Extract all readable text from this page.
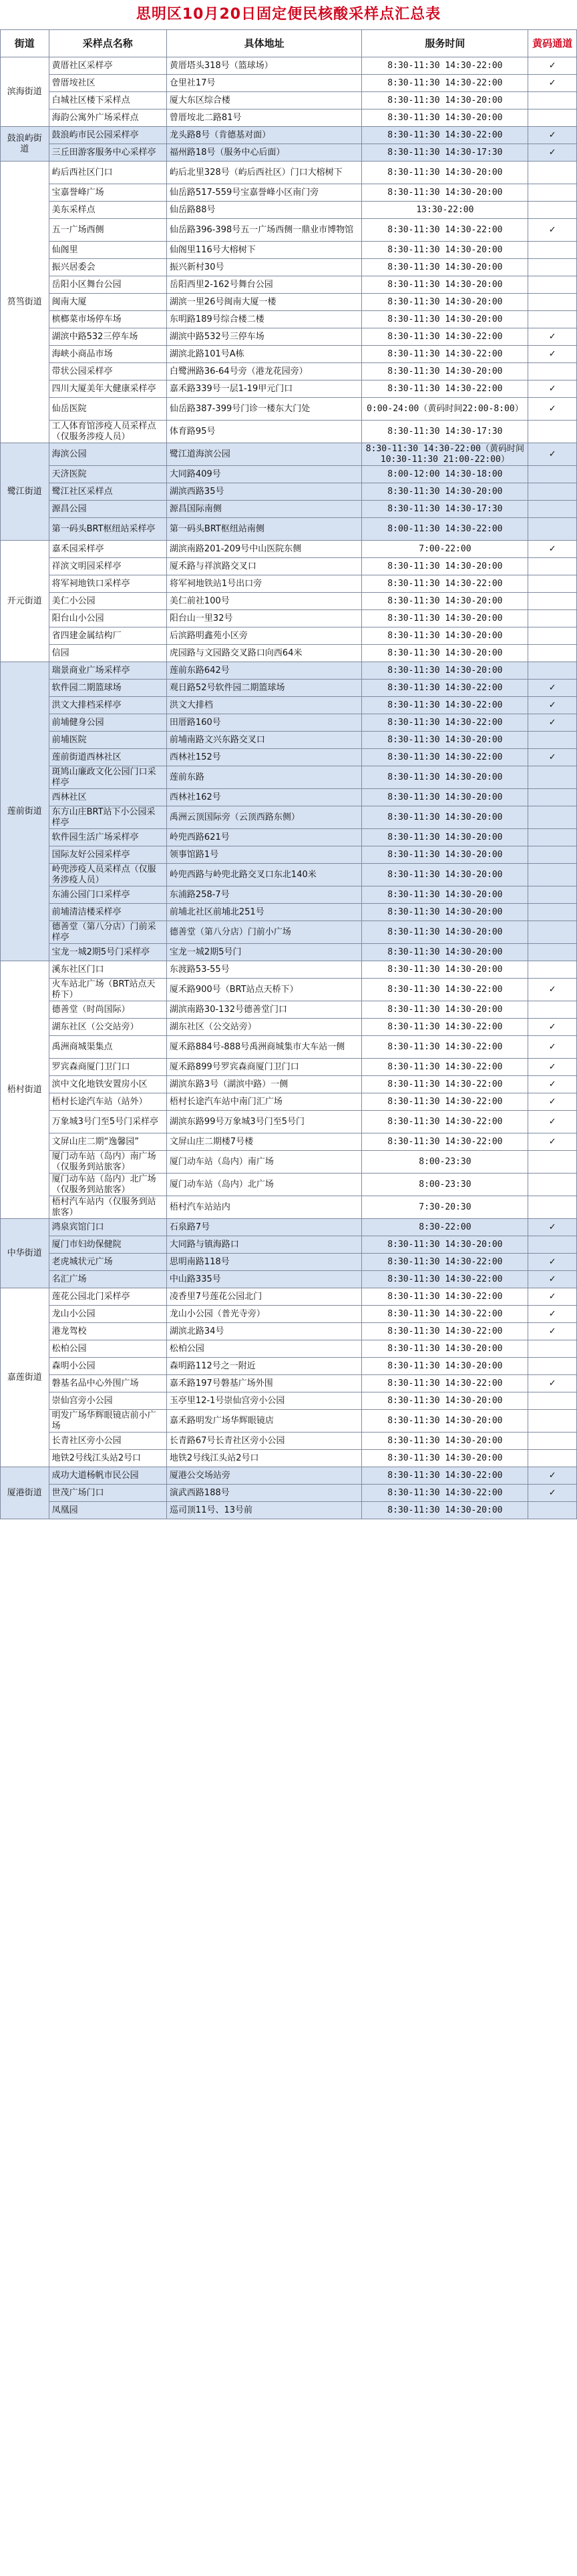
思明区10月20日固定便民核酸采样点汇总表
街道	采样点名称	具体地址	服务时间	黄码通道
滨海街道	黄厝社区采样亭	黄厝塔头318号（篮球场）	8:30-11:30 14:30-22:00	✓
	曾厝垵社区	仓里社17号	8:30-11:30 14:30-22:00	✓
	白城社区楼下采样点	厦大东区综合楼	8:30-11:30 14:30-20:00	
	海韵公寓外广场采样点	曾厝垵北二路81号	8:30-11:30 14:30-20:00	
鼓浪屿街道	鼓浪屿市民公园采样亭	龙头路8号（肯德基对面）	8:30-11:30 14:30-22:00	✓
	三丘田游客服务中心采样亭	福州路18号（服务中心后面）	8:30-11:30 14:30-17:30	✓
筼筜街道	屿后西社区门口	屿后北里328号（屿后西社区）门口大榕树下	8:30-11:30 14:30-20:00	
	宝嘉誉峰广场	仙岳路517-559号宝嘉誉峰小区南门旁	8:30-11:30 14:30-20:00	
	美东采样点	仙岳路88号	13:30-22:00	
	五一广场西侧	仙岳路396-398号五一广场西侧一鼎业市博物馆	8:30-11:30 14:30-22:00	✓
	仙阁里	仙阁里116号大榕树下	8:30-11:30 14:30-20:00	
	振兴居委会	振兴新村30号	8:30-11:30 14:30-20:00	
	岳阳小区舞台公园	岳阳西里2-162号舞台公园	8:30-11:30 14:30-20:00	
	闽南大厦	湖滨一里26号闽南大厦一楼	8:30-11:30 14:30-20:00	
	槟榔菜市场停车场	东明路189号综合楼二楼	8:30-11:30 14:30-20:00	
	湖滨中路532三停车场	湖滨中路532号三停车场	8:30-11:30 14:30-22:00	✓
	海峡小商品市场	湖滨北路101号A栋	8:30-11:30 14:30-22:00	✓
	带状公园采样亭	白鹭洲路36-64号旁（港龙花园旁）	8:30-11:30 14:30-20:00	
	四川大厦美年大健康采样亭	嘉禾路339号一层1-19甲元门口	8:30-11:30 14:30-22:00	✓
	仙岳医院	仙岳路387-399号门诊一楼东大门处	0:00-24:00（黄码时间22:00-8:00）	✓
	工人体育馆涉疫人员采样点（仅服务涉疫人员）	体育路95号	8:30-11:30 14:30-17:30	
鹭江街道	海滨公园	鹭江道海滨公园	8:30-11:30 14:30-22:00（黄码时间10:30-11:30 21:00-22:00）	✓
	天济医院	大同路409号	8:00-12:00 14:30-18:00	
	鹭江社区采样点	湖滨西路35号	8:30-11:30 14:30-20:00	
	源昌公园	源昌国际南侧	8:30-11:30 14:30-17:30	
	第一码头BRT枢纽站采样亭	第一码头BRT枢纽站南侧	8:00-11:30 14:30-22:00	
开元街道	嘉禾园采样亭	湖滨南路201-209号中山医院东侧	7:00-22:00	✓
	祥滨文明园采样亭	厦禾路与祥滨路交叉口	8:30-11:30 14:30-20:00	
	将军祠地铁口采样亭	将军祠地铁站1号出口旁	8:30-11:30 14:30-22:00	
	美仁小公园	美仁前社100号	8:30-11:30 14:30-20:00	
	阳台山小公园	阳台山一里32号	8:30-11:30 14:30-20:00	
	省四建金属结构厂	后滨路明鑫苑小区旁	8:30-11:30 14:30-20:00	
	信园	虎园路与文园路交叉路口向西64米	8:30-11:30 14:30-20:00	
莲前街道	瑞景商业广场采样亭	莲前东路642号	8:30-11:30 14:30-20:00	
	软件园二期篮球场	观日路52号软件园二期篮球场	8:30-11:30 14:30-22:00	✓
	洪文大排档采样亭	洪文大排档	8:30-11:30 14:30-22:00	✓
	前埔健身公园	田厝路160号	8:30-11:30 14:30-22:00	✓
	前埔医院	前埔南路文兴东路交叉口	8:30-11:30 14:30-20:00	
	莲前街道西林社区	西林社152号	8:30-11:30 14:30-22:00	✓
	斑鸠山廉政文化公园门口采样亭	莲前东路	8:30-11:30 14:30-20:00	
	西林社区	西林社162号	8:30-11:30 14:30-20:00	
	东方山庄BRT站下小公园采样亭	禹洲云顶国际旁（云顶西路东侧）	8:30-11:30 14:30-20:00	
	软件园生活广场采样亭	岭兜西路621号	8:30-11:30 14:30-20:00	
	国际友好公园采样亭	领事馆路1号	8:30-11:30 14:30-20:00	
	岭兜涉疫人员采样点（仅服务涉疫人员）	岭兜西路与岭兜北路交叉口东北140米	8:30-11:30 14:30-20:00	
	东浦公园门口采样亭	东浦路258-7号	8:30-11:30 14:30-20:00	
	前埔清洁楼采样亭	前埔北社区前埔北251号	8:30-11:30 14:30-20:00	
	德善堂（第八分店）门前采样亭	德善堂（第八分店）门前小广场	8:30-11:30 14:30-20:00	
	宝龙一城2期5号门采样亭	宝龙一城2期5号门	8:30-11:30 14:30-20:00	
梧村街道	溪东社区门口	东渡路53-55号	8:30-11:30 14:30-20:00	
	火车站北广场（BRT站点天桥下）	厦禾路900号（BRT站点天桥下）	8:30-11:30 14:30-22:00	✓
	德善堂（时尚国际）	湖滨南路30-132号德善堂门口	8:30-11:30 14:30-20:00	
	湖东社区（公交站旁）	湖东社区（公交站旁）	8:30-11:30 14:30-22:00	✓
	禹洲商城渠集点	厦禾路884号-888号禹洲商城集市大车站一侧	8:30-11:30 14:30-22:00	✓
	罗宾森商厦门卫门口	厦禾路899号罗宾森商厦门卫门口	8:30-11:30 14:30-22:00	✓
	滨中文化地铁安置房小区	湖滨东路3号（湖滨中路）一侧	8:30-11:30 14:30-22:00	✓
	梧村长途汽车站（站外）	梧村长途汽车站中南门汇广场	8:30-11:30 14:30-22:00	✓
	万象城3号门至5号门采样亭	湖滨东路99号万象城3号门至5号门	8:30-11:30 14:30-22:00	✓
	文屏山庄二期“逸馨园”	文屏山庄二期楼7号楼	8:30-11:30 14:30-22:00	✓
	厦门动车站（岛内）南广场（仅服务到站旅客）	厦门动车站（岛内）南广场	8:00-23:30	
	厦门动车站（岛内）北广场（仅服务到站旅客）	厦门动车站（岛内）北广场	8:00-23:30	
	梧村汽车站内（仅服务到站旅客）	梧村汽车站站内	7:30-20:30	
中华街道	鸿泉宾馆门口	石泉路7号	8:30-22:00	✓
	厦门市妇幼保健院	大同路与镇海路口	8:30-11:30 14:30-20:00	
	老虎城状元广场	思明南路118号	8:30-11:30 14:30-22:00	✓
	名汇广场	中山路335号	8:30-11:30 14:30-22:00	✓
嘉莲街道	莲花公园北门采样亭	凌香里7号莲花公园北门	8:30-11:30 14:30-22:00	✓
	龙山小公园	龙山小公园（普光寺旁）	8:30-11:30 14:30-22:00	✓
	港龙驾校	湖滨北路34号	8:30-11:30 14:30-22:00	✓
	松柏公园	松柏公园	8:30-11:30 14:30-20:00	
	森明小公园	森明路112号之一附近	8:30-11:30 14:30-20:00	
	磐基名品中心外围广场	嘉禾路197号磐基广场外围	8:30-11:30 14:30-22:00	✓
	崇仙宫旁小公园	玉亭里12-1号崇仙宫旁小公园	8:30-11:30 14:30-20:00	
	明发广场华辉眼镜店前小广场	嘉禾路明发广场华辉眼镜店	8:30-11:30 14:30-20:00	
	长青社区旁小公园	长青路67号长青社区旁小公园	8:30-11:30 14:30-20:00	
	地铁2号线江头站2号口	地铁2号线江头站2号口	8:30-11:30 14:30-20:00	
厦港街道	成功大道杨帆市民公园	厦港公交场站旁	8:30-11:30 14:30-22:00	✓
	世茂广场门口	演武西路188号	8:30-11:30 14:30-22:00	✓
	凤凰园	巡司顶11号、13号前	8:30-11:30 14:30-20:00	
